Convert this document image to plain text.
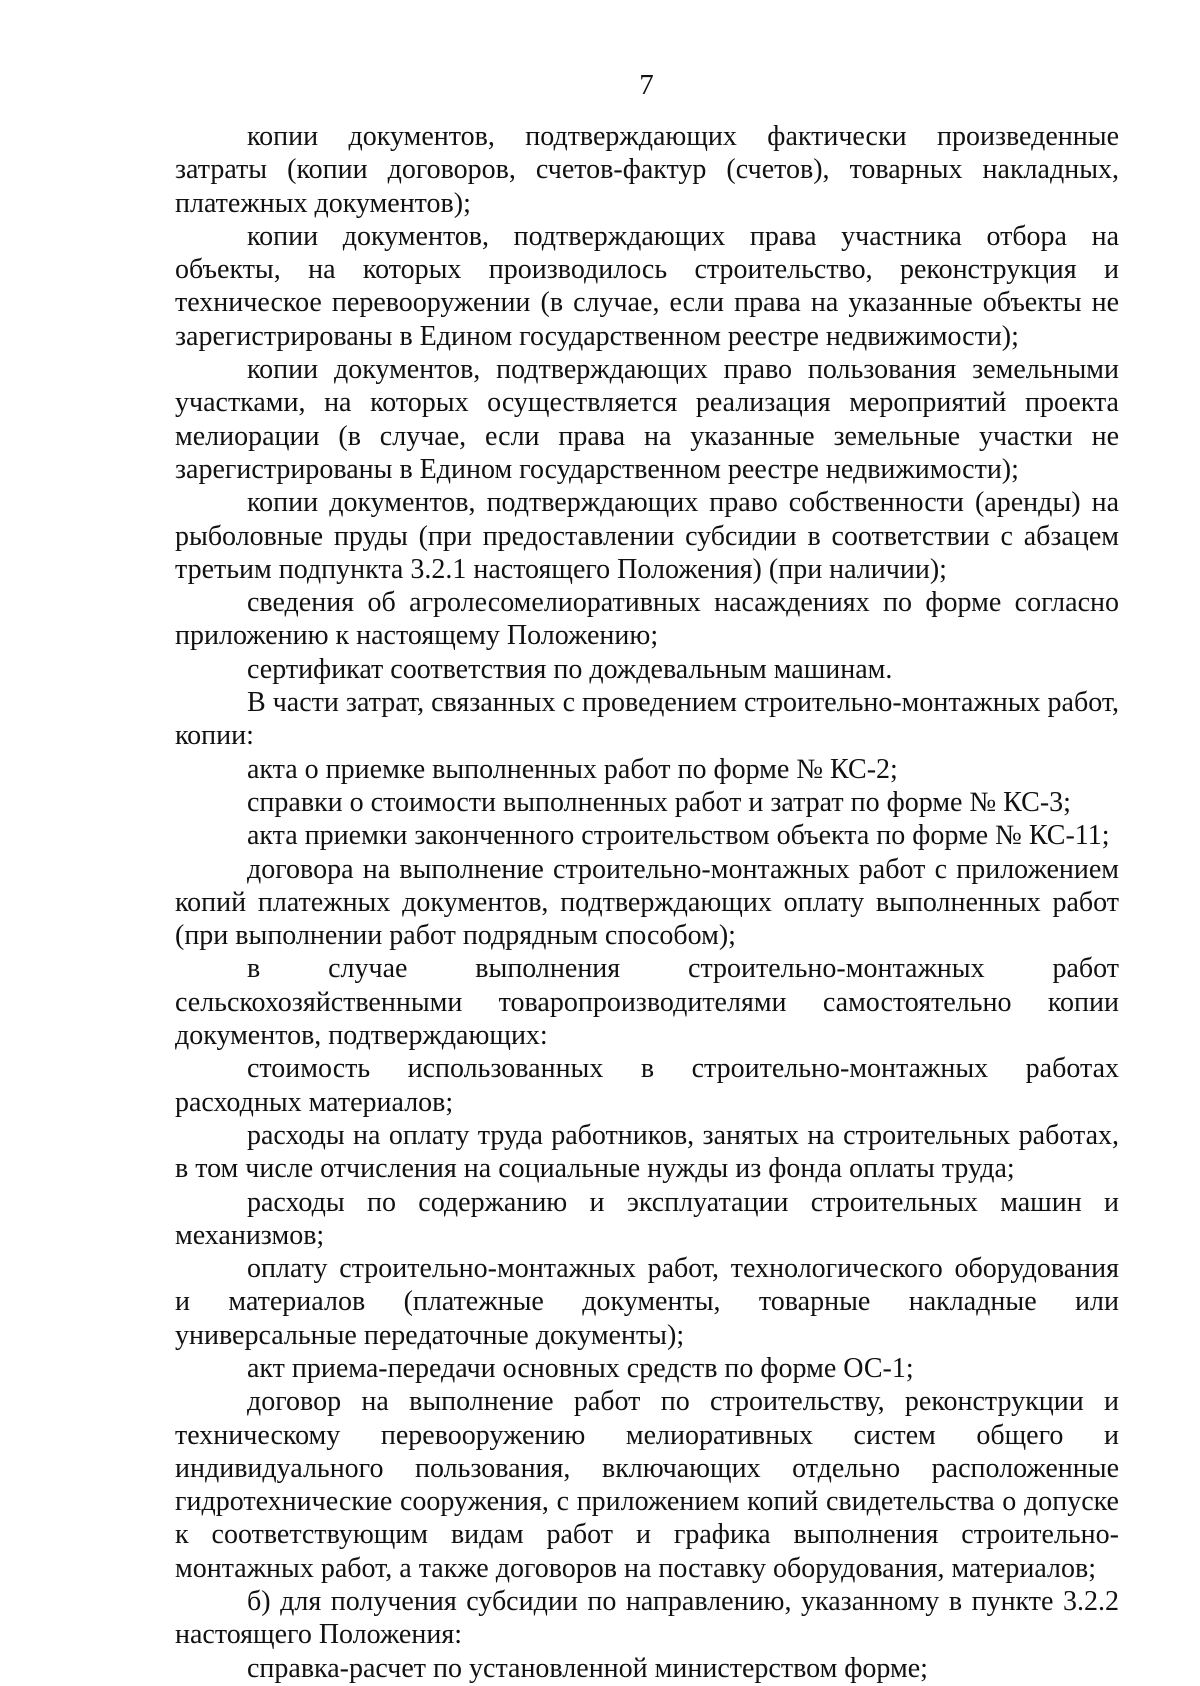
7

копии документов, подтверждающих фактически произведенные затраты (копии договоров, счетов-фактур (счетов), товарных накладных, платежных документов);

копии документов, подтверждающих права участника отбора на объекты, на которых производилось строительство, реконструкция и техническое перевооружении (в случае, если права на указанные объекты не зарегистрированы в Едином государственном реестре недвижимости);

копии документов, подтверждающих право пользования земельными участками, на которых осуществляется реализация мероприятий проекта мелиорации (в случае, если права на указанные земельные участки не зарегистрированы в Едином государственном реестре недвижимости);

копии документов, подтверждающих право собственности (аренды) на рыболовные пруды (при предоставлении субсидии в соответствии с абзацем третьим подпункта 3.2.1 настоящего Положения) (при наличии);

сведения об агролесомелиоративных насаждениях по форме согласно приложению к настоящему Положению;

сертификат соответствия по дождевальным машинам.

В части затрат, связанных с проведением строительно-монтажных работ, копии:

акта о приемке выполненных работ по форме № КС-2;

справки о стоимости выполненных работ и затрат по форме № КС-3;

акта приемки законченного строительством объекта по форме № КС-11;

договора на выполнение строительно-монтажных работ с приложением копий платежных документов, подтверждающих оплату выполненных работ (при выполнении работ подрядным способом);

в случае выполнения строительно-монтажных работ сельскохозяйственными товаропроизводителями самостоятельно копии документов, подтверждающих:

стоимость использованных в строительно-монтажных работах расходных материалов;

расходы на оплату труда работников, занятых на строительных работах, в том числе отчисления на социальные нужды из фонда оплаты труда;

расходы по содержанию и эксплуатации строительных машин и механизмов;

оплату строительно-монтажных работ, технологического оборудования и материалов (платежные документы, товарные накладные или универсальные передаточные документы);

акт приема-передачи основных средств по форме ОС-1;

договор на выполнение работ по строительству, реконструкции и техническому перевооружению мелиоративных систем общего и индивидуального пользования, включающих отдельно расположенные гидротехнические сооружения, с приложением копий свидетельства о допуске к соответствующим видам работ и графика выполнения строительно-монтажных работ, а также договоров на поставку оборудования, материалов;

б) для получения субсидии по направлению, указанному в пункте 3.2.2 настоящего Положения:

справка-расчет по установленной министерством форме;
